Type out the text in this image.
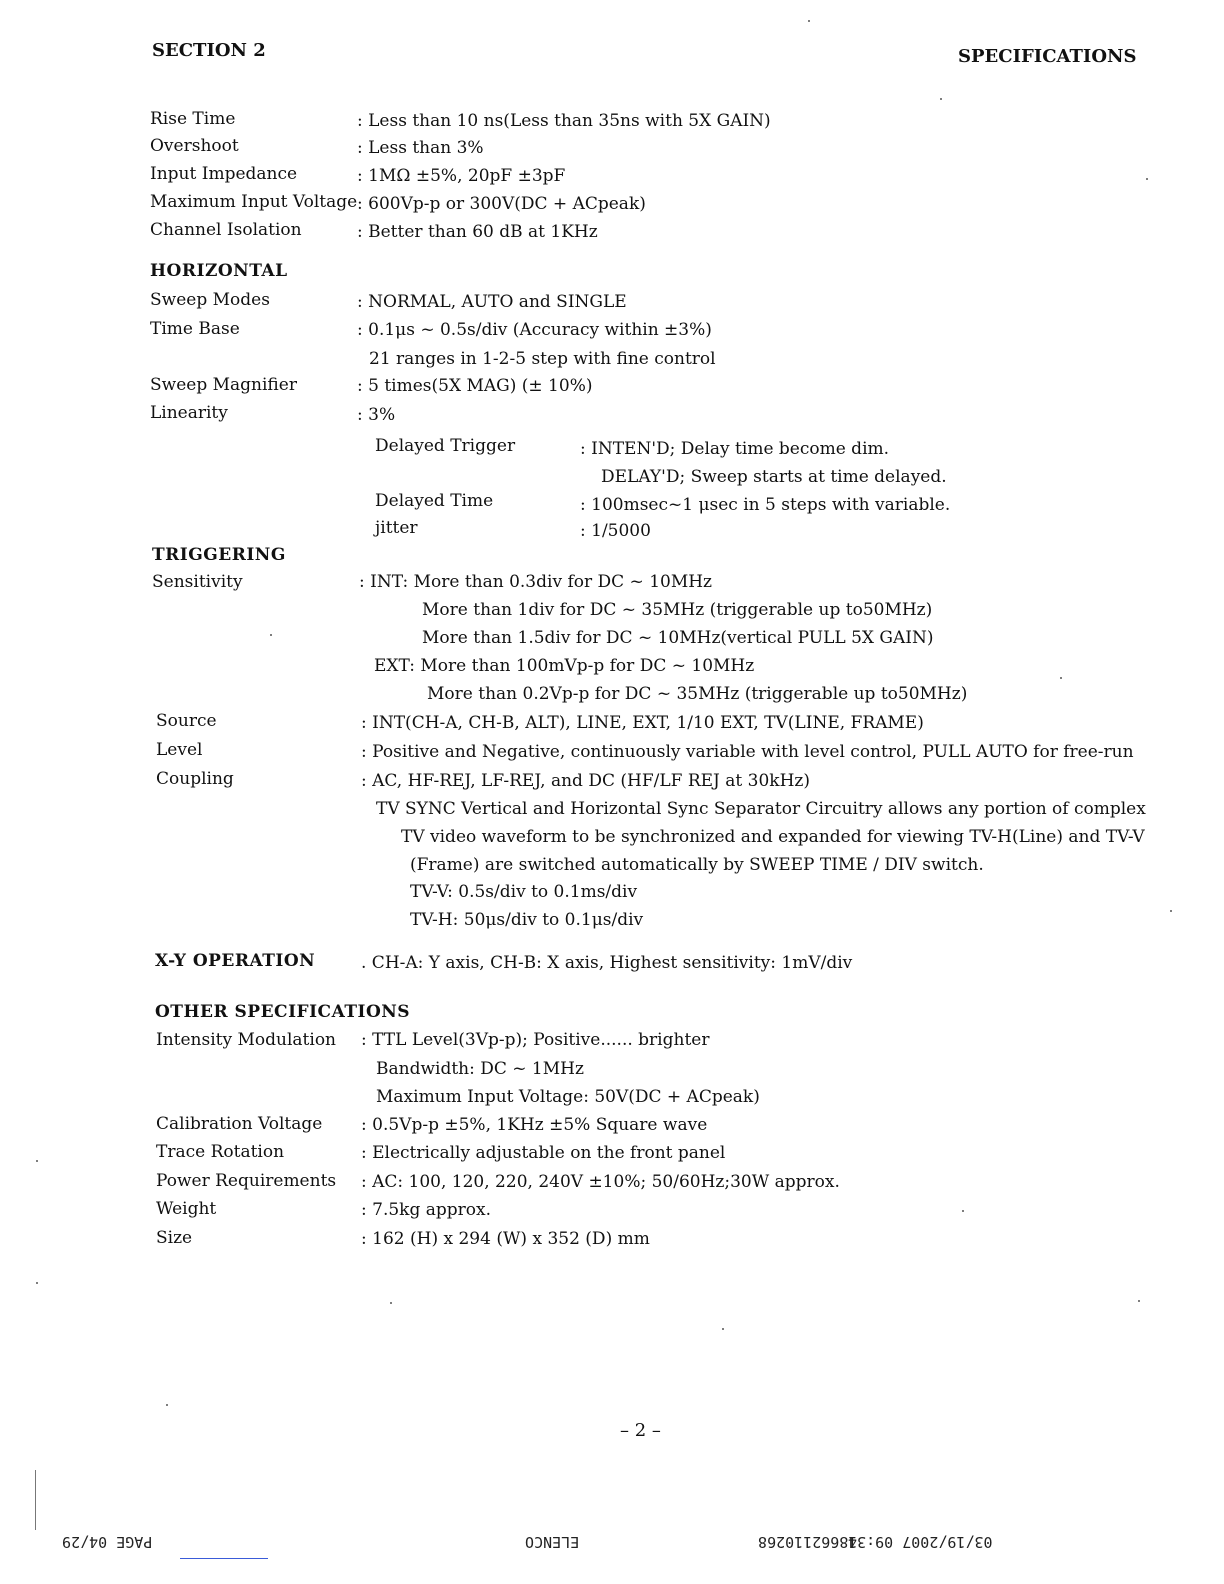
SECTION 2	SPECIFICATIONS
Rise Time	: Less than 10 ns(Less than 35ns with 5X GAIN)
Overshoot	: Less than 3%
Input Impedance	: 1MΩ ±5%, 20pF ±3pF
Maximum Input Voltage : 600Vp-p or 300V(DC + ACpeak)
Channel Isolation	: Better than 60 dB at 1KHz
HORIZONTAL
Sweep Modes	: NORMAL, AUTO and SINGLE
Time Base	: 0.1μs ~ 0.5s/div (Accuracy within ±3%)
21 ranges in 1-2-5 step with fine control
Sweep Magnifier	: 5 times(5X MAG) (± 10%)
Linearity	: 3%
Delayed Trigger	: INTEN'D; Delay time become dim.
DELAY'D; Sweep starts at time delayed.
Delayed Time	: 100msec~1 μsec in 5 steps with variable.
jitter	: 1/5000
TRIGGERING
Sensitivity	: INT: More than 0.3div for DC ~ 10MHz
More than 1div for DC ~ 35MHz (triggerable up to50MHz)
More than 1.5div for DC ~ 10MHz(vertical PULL 5X GAIN)
EXT: More than 100mVp-p for DC ~ 10MHz
More than 0.2Vp-p for DC ~ 35MHz (triggerable up to50MHz)
Source	: INT(CH-A, CH-B, ALT), LINE, EXT, 1/10 EXT, TV(LINE, FRAME)
Level	: Positive and Negative, continuously variable with level control, PULL AUTO for free-run
Coupling	: AC, HF-REJ, LF-REJ, and DC (HF/LF REJ at 30kHz)
TV SYNC Vertical and Horizontal Sync Separator Circuitry allows any portion of complex
TV video waveform to be synchronized and expanded for viewing TV-H(Line) and TV-V
(Frame) are switched automatically by SWEEP TIME / DIV switch.
TV-V: 0.5s/div to 0.1ms/div
TV-H: 50μs/div to 0.1μs/div
X-Y OPERATION	. CH-A: Y axis, CH-B: X axis, Highest sensitivity: 1mV/div
OTHER SPECIFICATIONS
Intensity Modulation : TTL Level(3Vp-p); Positive...... brighter
Bandwidth: DC ~ 1MHz
Maximum Input Voltage: 50V(DC + ACpeak)
Calibration Voltage : 0.5Vp-p ±5%, 1KHz ±5% Square wave
Trace Rotation	: Electrically adjustable on the front panel
Power Requirements : AC: 100, 120, 220, 240V ±10%; 50/60Hz;30W approx.
Weight	: 7.5kg approx.
Size	: 162 (H) x 294 (W) x 352 (D) mm
– 2 –
03/19/2007 09:34
18662110268
ELENCO
PAGE 04/29
